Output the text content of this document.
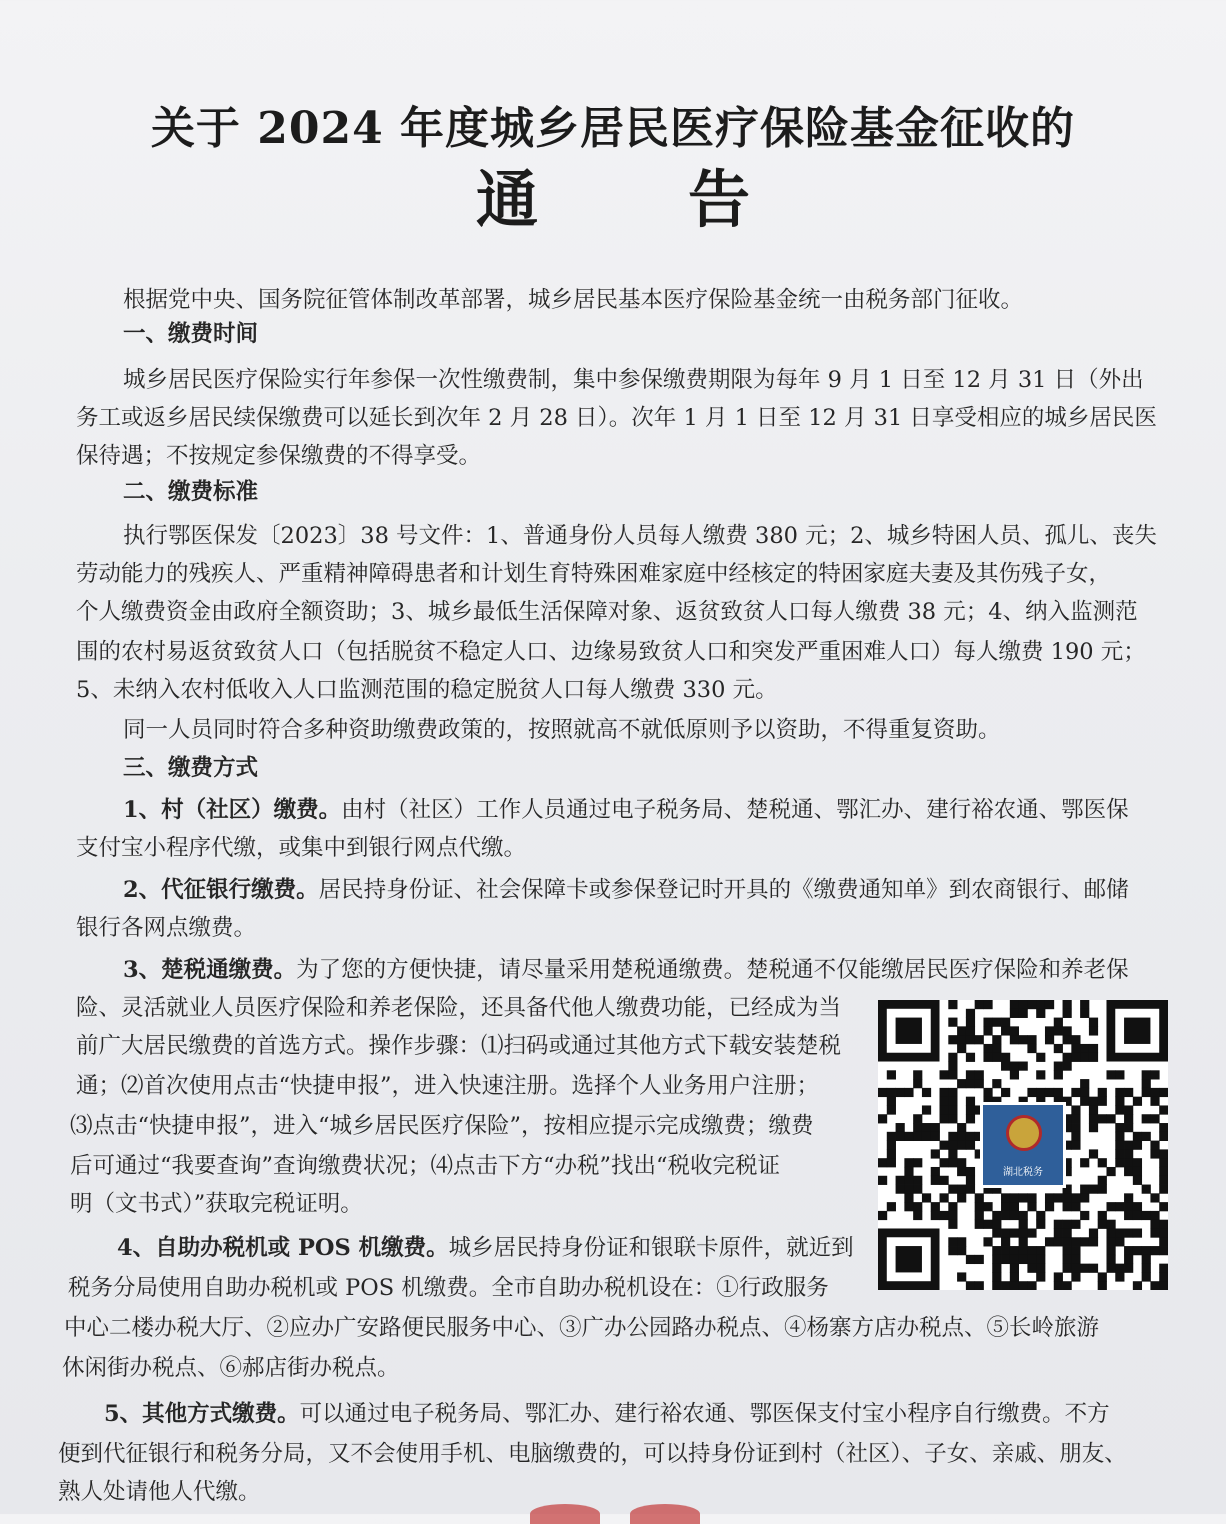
关于 2024 年度城乡居民医疗保险基金征收的
通告
根据党中央、国务院征管体制改革部署，城乡居民基本医疗保险基金统一由税务部门征收。
一、缴费时间
城乡居民医疗保险实行年参保一次性缴费制，集中参保缴费期限为每年 9 月 1 日至 12 月 31 日（外出
务工或返乡居民续保缴费可以延长到次年 2 月 28 日）。次年 1 月 1 日至 12 月 31 日享受相应的城乡居民医
保待遇；不按规定参保缴费的不得享受。
二、缴费标准
执行鄂医保发〔2023〕38 号文件：1、普通身份人员每人缴费 380 元；2、城乡特困人员、孤儿、丧失
劳动能力的残疾人、严重精神障碍患者和计划生育特殊困难家庭中经核定的特困家庭夫妻及其伤残子女，
个人缴费资金由政府全额资助；3、城乡最低生活保障对象、返贫致贫人口每人缴费 38 元；4、纳入监测范
围的农村易返贫致贫人口（包括脱贫不稳定人口、边缘易致贫人口和突发严重困难人口）每人缴费 190 元；
5、未纳入农村低收入人口监测范围的稳定脱贫人口每人缴费 330 元。
同一人员同时符合多种资助缴费政策的，按照就高不就低原则予以资助，不得重复资助。
三、缴费方式
1、村（社区）缴费。由村（社区）工作人员通过电子税务局、楚税通、鄂汇办、建行裕农通、鄂医保
支付宝小程序代缴，或集中到银行网点代缴。
2、代征银行缴费。居民持身份证、社会保障卡或参保登记时开具的《缴费通知单》到农商银行、邮储
银行各网点缴费。
3、楚税通缴费。为了您的方便快捷，请尽量采用楚税通缴费。楚税通不仅能缴居民医疗保险和养老保
险、灵活就业人员医疗保险和养老保险，还具备代他人缴费功能，已经成为当
前广大居民缴费的首选方式。操作步骤：⑴扫码或通过其他方式下载安装楚税
通；⑵首次使用点击“快捷申报”，进入快速注册。选择个人业务用户注册；
⑶点击“快捷申报”，进入“城乡居民医疗保险”，按相应提示完成缴费；缴费
后可通过“我要查询”查询缴费状况；⑷点击下方“办税”找出“税收完税证
明（文书式）”获取完税证明。
4、自助办税机或 POS 机缴费。城乡居民持身份证和银联卡原件，就近到
税务分局使用自助办税机或 POS 机缴费。全市自助办税机设在：①行政服务
中心二楼办税大厅、②应办广安路便民服务中心、③广办公园路办税点、④杨寨方店办税点、⑤长岭旅游
休闲街办税点、⑥郝店街办税点。
5、其他方式缴费。可以通过电子税务局、鄂汇办、建行裕农通、鄂医保支付宝小程序自行缴费。不方
便到代征银行和税务分局，又不会使用手机、电脑缴费的，可以持身份证到村（社区）、子女、亲戚、朋友、
熟人处请他人代缴。
湖北税务
